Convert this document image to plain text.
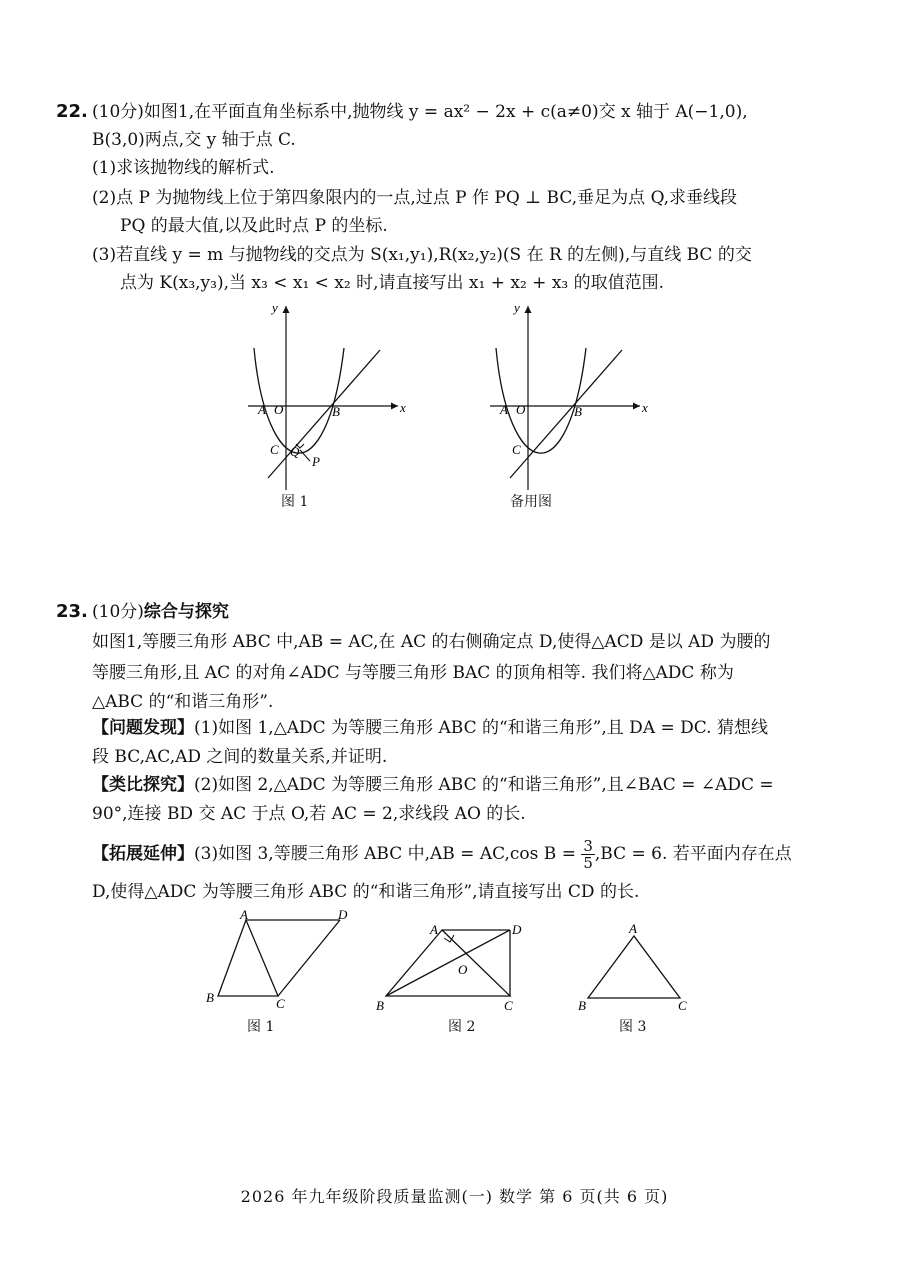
22. (10分)如图1,在平面直角坐标系中,抛物线 y = ax² − 2x + c(a≠0)交 x 轴于 A(−1,0),
B(3,0)两点,交 y 轴于点 C.
(1)求该抛物线的解析式.
(2)点 P 为抛物线上位于第四象限内的一点,过点 P 作 PQ ⊥ BC,垂足为点 Q,求垂线段
PQ 的最大值,以及此时点 P 的坐标.
(3)若直线 y = m 与抛物线的交点为 S(x₁,y₁),R(x₂,y₂)(S 在 R 的左侧),与直线 BC 的交
点为 K(x₃,y₃),当 x₃ < x₁ < x₂ 时,请直接写出 x₁ + x₂ + x₃ 的取值范围.
A O	B
C Q
P
x
y
图 1
A O	B
C
x
y
备用图
23. (10分)综合与探究
如图1,等腰三角形 ABC 中,AB = AC,在 AC 的右侧确定点 D,使得△ACD 是以 AD 为腰的
等腰三角形,且 AC 的对角∠ADC 与等腰三角形 BAC 的顶角相等. 我们将△ADC 称为
△ABC 的“和谐三角形”.
【问题发现】(1)如图 1,△ADC 为等腰三角形 ABC 的“和谐三角形”,且 DA = DC. 猜想线
段 BC,AC,AD 之间的数量关系,并证明.
【类比探究】(2)如图 2,△ADC 为等腰三角形 ABC 的“和谐三角形”,且∠BAC = ∠ADC =
90°,连接 BD 交 AC 于点 O,若 AC = 2,求线段 AO 的长.
【拓展延伸】(3)如图 3,等腰三角形 ABC 中,AB = AC,cos $B = \frac{3}{5} ,BC = 6$. 若平面内存在点
D,使得△ADC 为等腰三角形 ABC 的“和谐三角形”,请直接写出 CD 的长.
A	D
B	C
图 1
A	D
O
B	C
图 2
A
B	C
图 3
2026 年九年级阶段质量监测(一) 数学 第 6 页(共 6 页)
